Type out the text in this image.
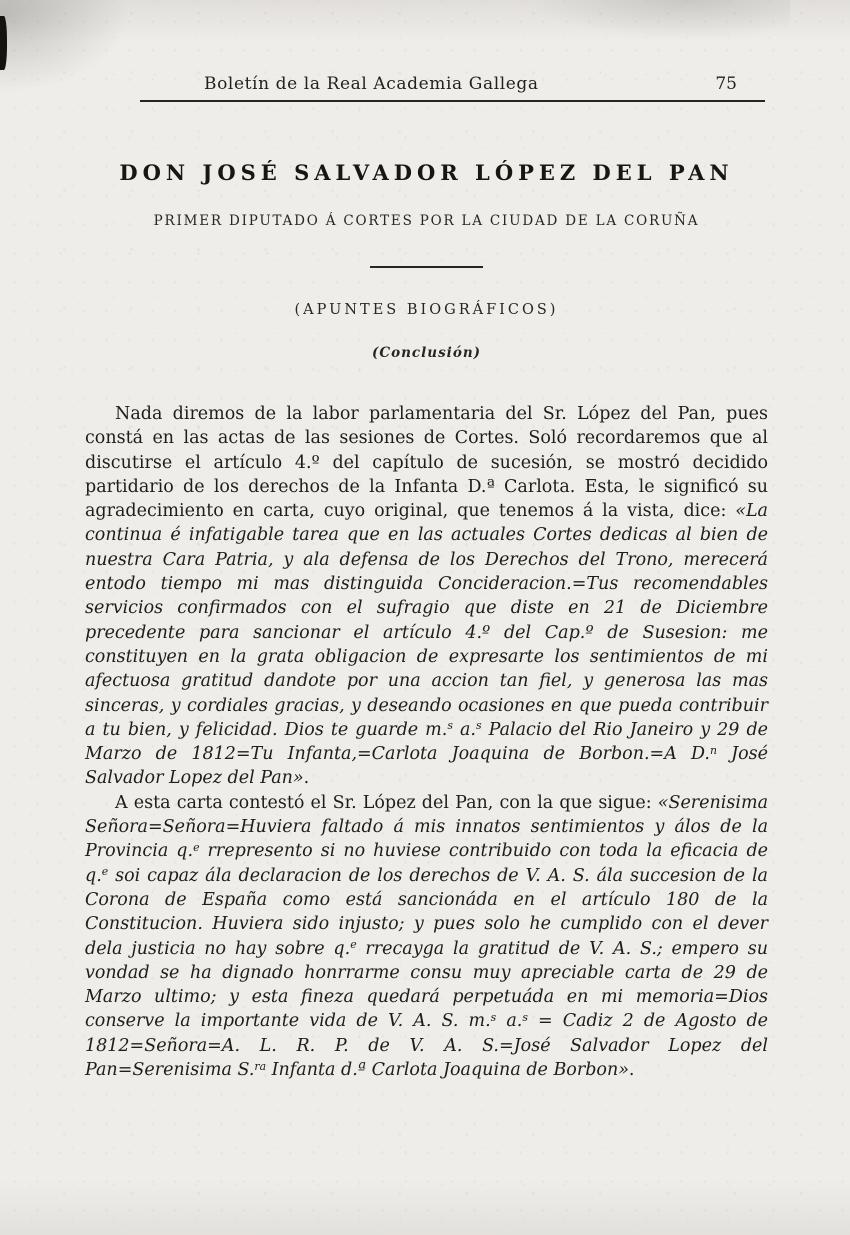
Boletín de la Real Academia Gallega	75
DON JOSÉ SALVADOR LÓPEZ DEL PAN
PRIMER DIPUTADO Á CORTES POR LA CIUDAD DE LA CORUÑA
(APUNTES BIOGRÁFICOS)
(Conclusión)

Nada diremos de la labor parlamentaria del Sr. López del Pan, pues constá en las actas de las sesiones de Cortes. Soló recordaremos que al discutirse el artículo 4.º del capítulo de sucesión, se mostró decidido partidario de los derechos de la Infanta D.ª Carlota. Esta, le significó su agradecimiento en carta, cuyo original, que tenemos á la vista, dice: «La continua é infatigable tarea que en las actuales Cortes dedicas al bien de nuestra Cara Patria, y ala defensa de los Derechos del Trono, merecerá entodo tiempo mi mas distinguida Concideracion.=Tus recomendables servicios confirmados con el sufragio que diste en 21 de Diciembre precedente para sancionar el artículo 4.º del Cap.º de Susesion: me constituyen en la grata obligacion de expresarte los sentimientos de mi afectuosa gratitud dandote por una accion tan fiel, y generosa las mas sinceras, y cordiales gracias, y deseando ocasiones en que pueda contribuir a tu bien, y felicidad. Dios te guarde m.$^s$ a.$^s$ Palacio del Rio Janeiro y 29 de Marzo de 1812=Tu Infanta,=Carlota Joaquina de Borbon.=A D.$^n$ José Salvador Lopez del Pan».

A esta carta contestó el Sr. López del Pan, con la que sigue: «Serenisima Señora=Señora=Huviera faltado á mis innatos sentimientos y álos de la Provincia q.$^e$ rrepresento si no huviese contribuido con toda la eficacia de q.$^e$ soi capaz ála declaracion de los derechos de V. A. S. ála succesion de la Corona de España como está sancionáda en el artículo 180 de la Constitucion. Huviera sido injusto; y pues solo he cumplido con el dever dela justicia no hay sobre q.$^e$ rrecayga la gratitud de V. A. S.; empero su vondad se ha dignado honrrarme consu muy apreciable carta de 29 de Marzo ultimo; y esta fineza quedará perpetuáda en mi memoria=Dios conserve la importante vida de V. A. S. m.$^s$ a.$^s$ = Cadiz 2 de Agosto de 1812=Señora=A. L. R. P. de V. A. S.=José Salvador Lopez del Pan=Serenisima S.$^{ra}$ Infanta d.ª Carlota Joaquina de Borbon».
